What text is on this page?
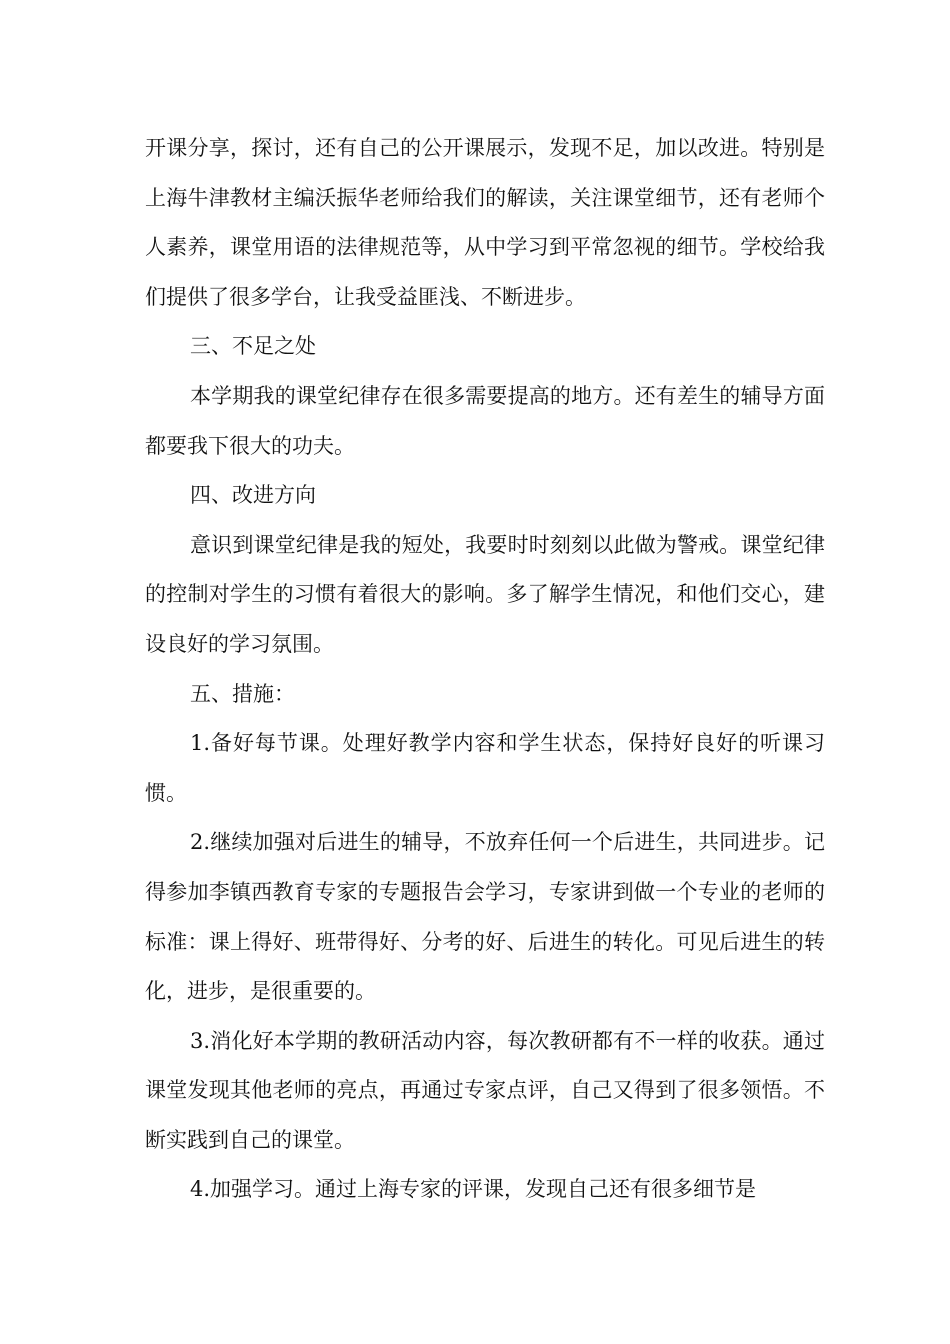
开课分享，探讨，还有自己的公开课展示，发现不足，加以改进。特别是上海牛津教材主编沃振华老师给我们的解读，关注课堂细节，还有老师个人素养，课堂用语的法律规范等，从中学习到平常忽视的细节。学校给我们提供了很多学台，让我受益匪浅、不断进步。

三、不足之处

本学期我的课堂纪律存在很多需要提高的地方。还有差生的辅导方面都要我下很大的功夫。

四、改进方向

意识到课堂纪律是我的短处，我要时时刻刻以此做为警戒。课堂纪律的控制对学生的习惯有着很大的影响。多了解学生情况，和他们交心，建设良好的学习氛围。

五、措施：

1.备好每节课。处理好教学内容和学生状态，保持好良好的听课习惯。

2.继续加强对后进生的辅导，不放弃任何一个后进生，共同进步。记得参加李镇西教育专家的专题报告会学习，专家讲到做一个专业的老师的标准：课上得好、班带得好、分考的好、后进生的转化。可见后进生的转化，进步，是很重要的。

3.消化好本学期的教研活动内容，每次教研都有不一样的收获。通过课堂发现其他老师的亮点，再通过专家点评，自己又得到了很多领悟。不断实践到自己的课堂。

4.加强学习。通过上海专家的评课，发现自己还有很多细节是
